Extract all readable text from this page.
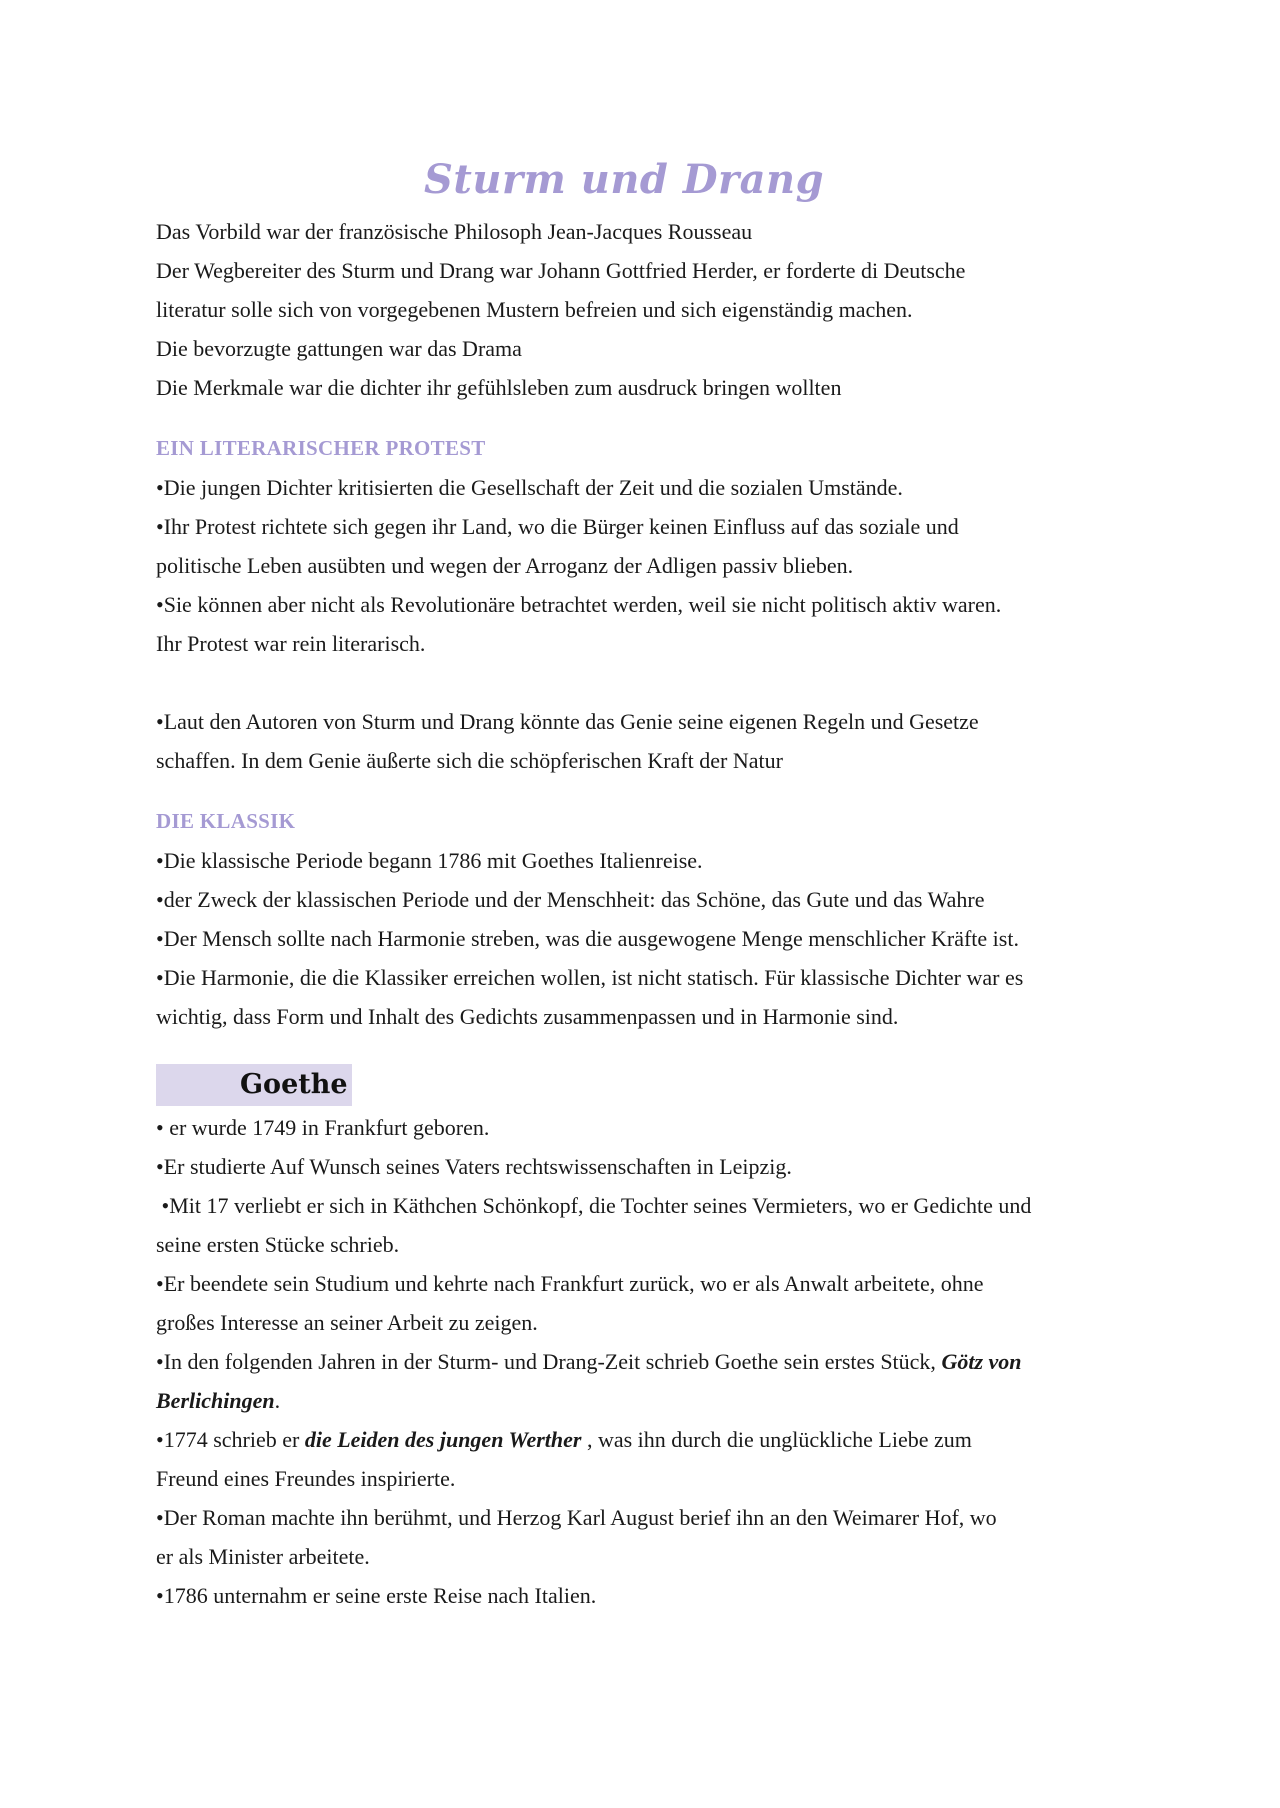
Sturm und Drang

Das Vorbild war der französische Philosoph Jean-Jacques Rousseau

Der Wegbereiter des Sturm und Drang war Johann Gottfried Herder, er forderte di Deutsche

literatur solle sich von vorgegebenen Mustern befreien und sich eigenständig machen.

Die bevorzugte gattungen war das Drama

Die Merkmale war die dichter ihr gefühlsleben zum ausdruck bringen wollten

EIN LITERARISCHER PROTEST

•Die jungen Dichter kritisierten die Gesellschaft der Zeit und die sozialen Umstände.

•Ihr Protest richtete sich gegen ihr Land, wo die Bürger keinen Einfluss auf das soziale und

politische Leben ausübten und wegen der Arroganz der Adligen passiv blieben.

•Sie können aber nicht als Revolutionäre betrachtet werden, weil sie nicht politisch aktiv waren.

Ihr Protest war rein literarisch.

•Laut den Autoren von Sturm und Drang könnte das Genie seine eigenen Regeln und Gesetze

schaffen. In dem Genie äußerte sich die schöpferischen Kraft der Natur

DIE KLASSIK

•Die klassische Periode begann 1786 mit Goethes Italienreise.

•der Zweck der klassischen Periode und der Menschheit: das Schöne, das Gute und das Wahre

•Der Mensch sollte nach Harmonie streben, was die ausgewogene Menge menschlicher Kräfte ist.

•Die Harmonie, die die Klassiker erreichen wollen, ist nicht statisch. Für klassische Dichter war es

wichtig, dass Form und Inhalt des Gedichts zusammenpassen und in Harmonie sind.

Goethe

• er wurde 1749 in Frankfurt geboren.

•Er studierte Auf Wunsch seines Vaters rechtswissenschaften in Leipzig.

•Mit 17 verliebt er sich in Käthchen Schönkopf, die Tochter seines Vermieters, wo er Gedichte und

seine ersten Stücke schrieb.

•Er beendete sein Studium und kehrte nach Frankfurt zurück, wo er als Anwalt arbeitete, ohne

großes Interesse an seiner Arbeit zu zeigen.

•In den folgenden Jahren in der Sturm- und Drang-Zeit schrieb Goethe sein erstes Stück, Götz von

Berlichingen.

•1774 schrieb er die Leiden des jungen Werther , was ihn durch die unglückliche Liebe zum

Freund eines Freundes inspirierte.

•Der Roman machte ihn berühmt, und Herzog Karl August berief ihn an den Weimarer Hof, wo

er als Minister arbeitete.

•1786 unternahm er seine erste Reise nach Italien.
